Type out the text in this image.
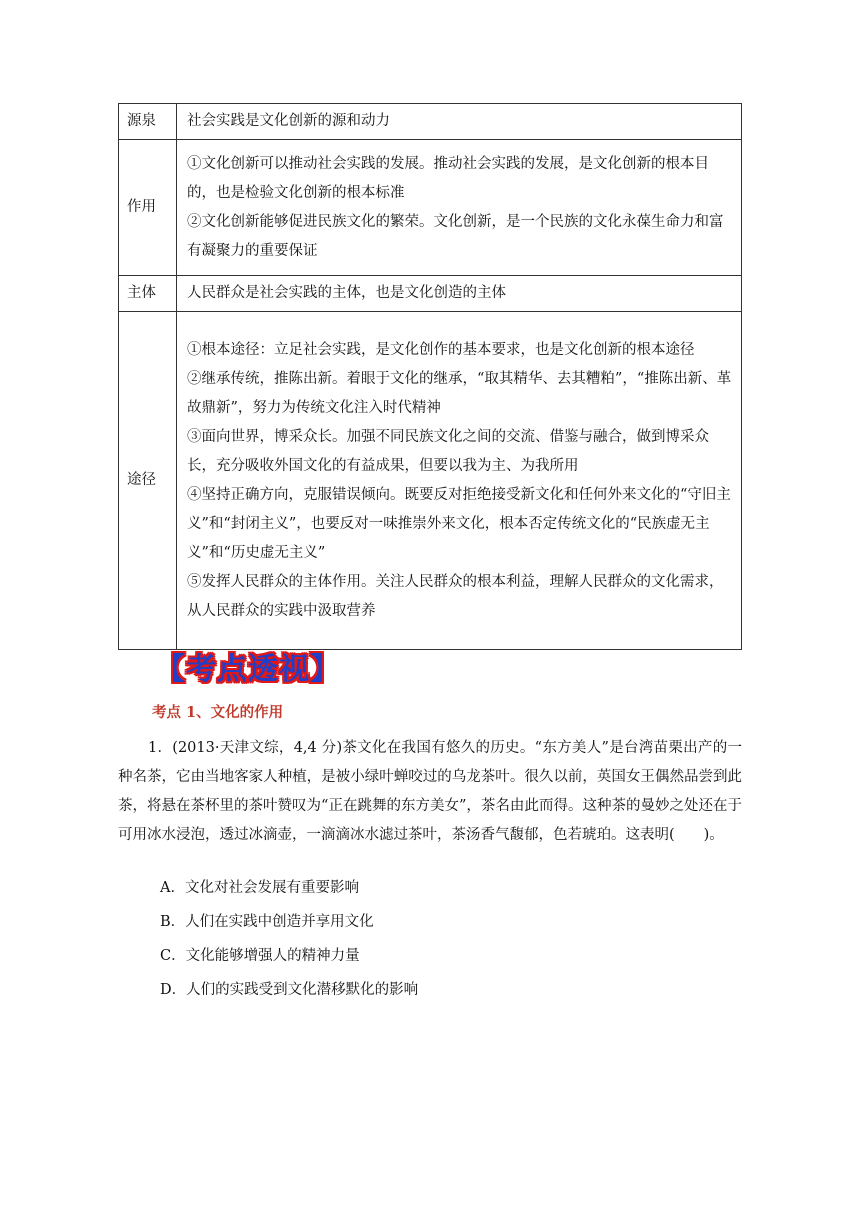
源泉	社会实践是文化创新的源和动力

作用	①文化创新可以推动社会实践的发展。推动社会实践的发展，是文化创新的根本目的，也是检验文化创新的根本标准
②文化创新能够促进民族文化的繁荣。文化创新，是一个民族的文化永葆生命力和富有凝聚力的重要保证

主体	人民群众是社会实践的主体，也是文化创造的主体

途径	①根本途径：立足社会实践，是文化创作的基本要求，也是文化创新的根本途径
②继承传统，推陈出新。着眼于文化的继承，“取其精华、去其糟粕”，“推陈出新、革故鼎新”，努力为传统文化注入时代精神
③面向世界，博采众长。加强不同民族文化之间的交流、借鉴与融合，做到博采众长，充分吸收外国文化的有益成果，但要以我为主、为我所用
④坚持正确方向，克服错误倾向。既要反对拒绝接受新文化和任何外来文化的“守旧主义”和“封闭主义”，也要反对一味推崇外来文化，根本否定传统文化的“民族虚无主义”和“历史虚无主义”
⑤发挥人民群众的主体作用。关注人民群众的根本利益，理解人民群众的文化需求，从人民群众的实践中汲取营养
【考点透视】
考点 1、文化的作用
1．(2013·天津文综，4,4 分)茶文化在我国有悠久的历史。“东方美人”是台湾苗栗出产的一种名茶，它由当地客家人种植，是被小绿叶蝉咬过的乌龙茶叶。很久以前，英国女王偶然品尝到此茶，将悬在茶杯里的茶叶赞叹为“正在跳舞的东方美女”，茶名由此而得。这种茶的曼妙之处还在于可用冰水浸泡，透过冰滴壶，一滴滴冰水滤过茶叶，茶汤香气馥郁，色若琥珀。这表明(　　)。
A．文化对社会发展有重要影响
B．人们在实践中创造并享用文化
C．文化能够增强人的精神力量
D．人们的实践受到文化潜移默化的影响
